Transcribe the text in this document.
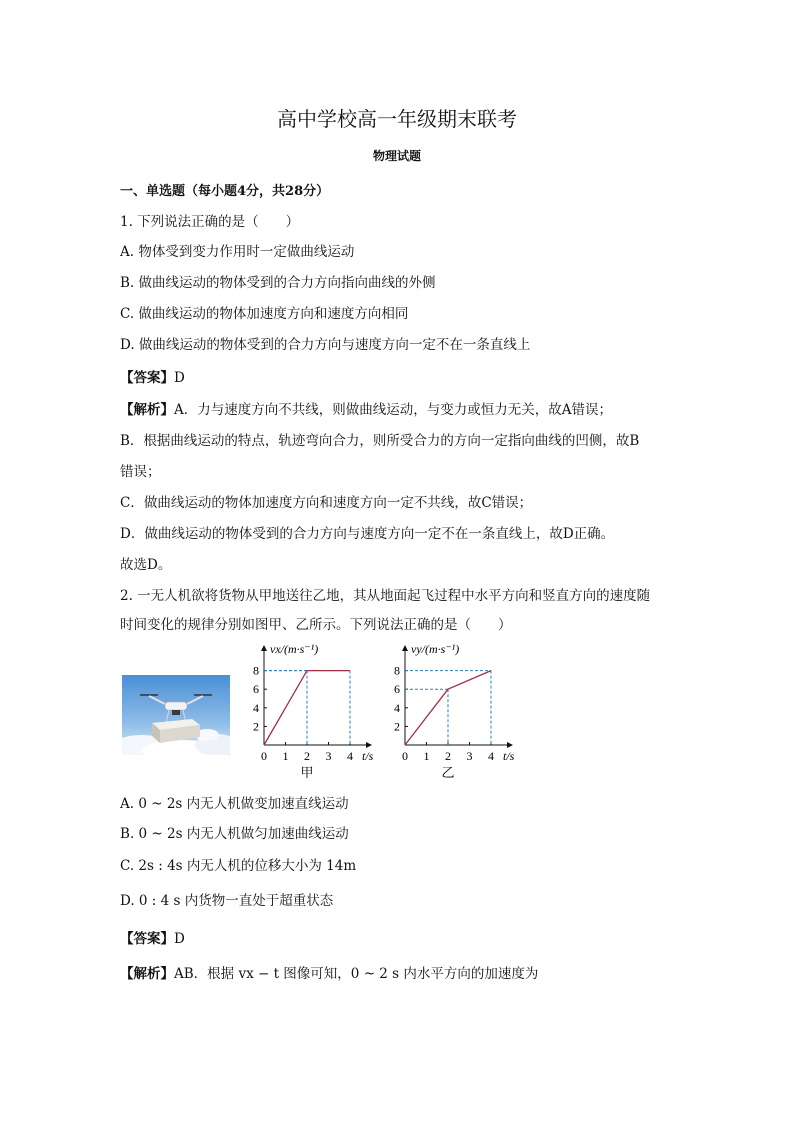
高中学校高一年级期末联考
物理试题
一、单选题（每小题4分，共28分）
1. 下列说法正确的是（　　）
A. 物体受到变力作用时一定做曲线运动
B. 做曲线运动的物体受到的合力方向指向曲线的外侧
C. 做曲线运动的物体加速度方向和速度方向相同
D. 做曲线运动的物体受到的合力方向与速度方向一定不在一条直线上
【答案】D
【解析】A．力与速度方向不共线，则做曲线运动，与变力或恒力无关，故A错误；
B．根据曲线运动的特点，轨迹弯向合力，则所受合力的方向一定指向曲线的凹侧，故B
错误；
C．做曲线运动的物体加速度方向和速度方向一定不共线，故C错误；
D．做曲线运动的物体受到的合力方向与速度方向一定不在一条直线上，故D正确。
故选D。
2. 一无人机欲将货物从甲地送往乙地，其从地面起飞过程中水平方向和竖直方向的速度随
时间变化的规律分别如图甲、乙所示。下列说法正确的是（　　）
2
4
6
8
0 1 2 3 4
vx/(m·s⁻¹)
t/s
甲
2
4
6
8
0 1 2 3 4
vy/(m·s⁻¹)
t/s
乙
A. 0 ~ 2s 内无人机做变加速直线运动
B. 0 ~ 2s 内无人机做匀加速曲线运动
C. 2s : 4s 内无人机的位移大小为 14m
D. 0 : 4 s 内货物一直处于超重状态
【答案】D
【解析】AB．根据 vx − t 图像可知，0 ~ 2 s 内水平方向的加速度为
